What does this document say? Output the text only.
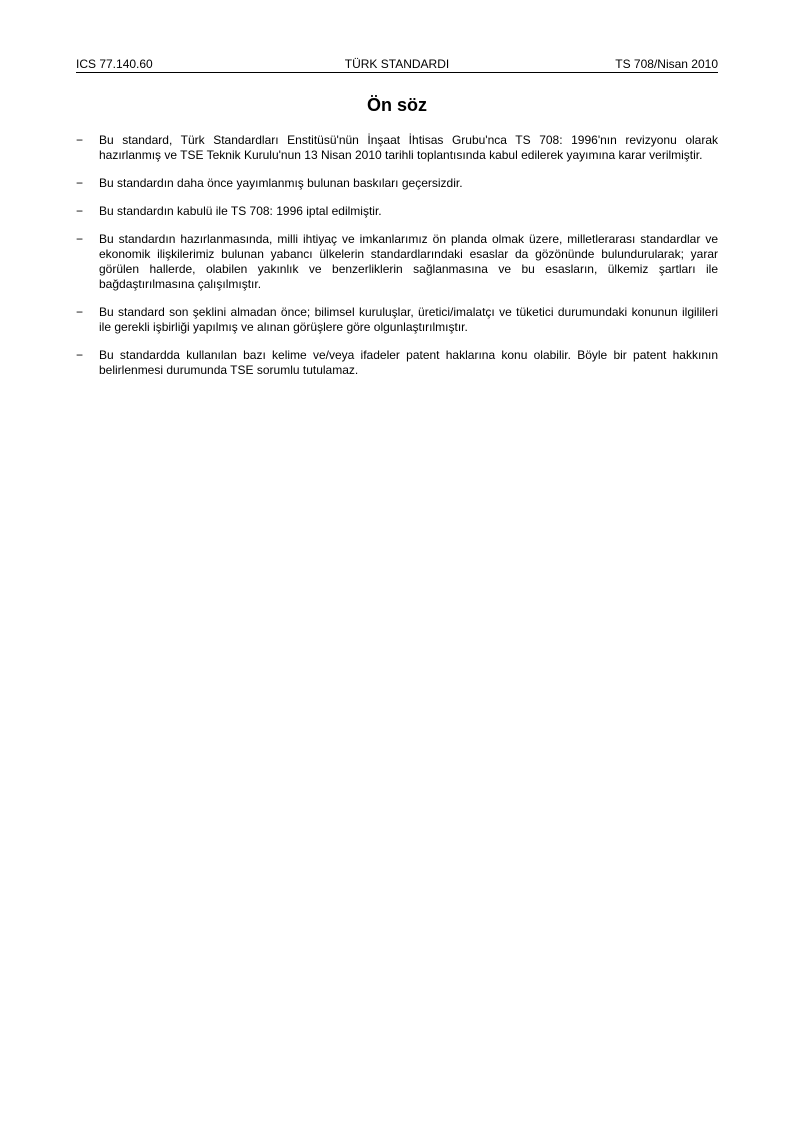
ICS 77.140.60	TÜRK STANDARDI	TS 708/Nisan 2010
Ön söz
−	Bu standard, Türk Standardları Enstitüsü'nün İnşaat İhtisas Grubu'nca TS 708: 1996'nın revizyonu olarak hazırlanmış ve TSE Teknik Kurulu'nun 13 Nisan 2010 tarihli toplantısında kabul edilerek yayımına karar verilmiştir.
−	Bu standardın daha önce yayımlanmış bulunan baskıları geçersizdir.
−	Bu standardın kabulü ile TS 708: 1996 iptal edilmiştir.
−	Bu standardın hazırlanmasında, milli ihtiyaç ve imkanlarımız ön planda olmak üzere, milletlerarası standardlar ve ekonomik ilişkilerimiz bulunan yabancı ülkelerin standardlarındaki esaslar da gözönünde bulundurularak; yarar görülen hallerde, olabilen yakınlık ve benzerliklerin sağlanmasına ve bu esasların, ülkemiz şartları ile bağdaştırılmasına çalışılmıştır.
−	Bu standard son şeklini almadan önce; bilimsel kuruluşlar, üretici/imalatçı ve tüketici durumundaki konunun ilgilileri ile gerekli işbirliği yapılmış ve alınan görüşlere göre olgunlaştırılmıştır.
−	Bu standardda kullanılan bazı kelime ve/veya ifadeler patent haklarına konu olabilir. Böyle bir patent hakkının belirlenmesi durumunda TSE sorumlu tutulamaz.
